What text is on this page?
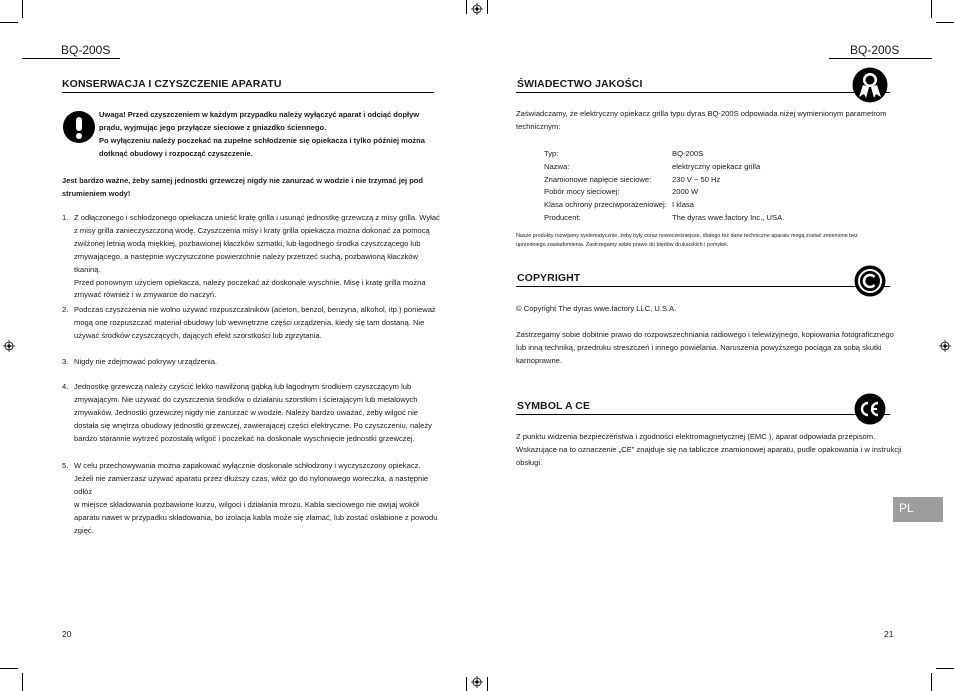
BQ-200S
KONSERWACJA I CZYSZCZENIE APARATU
Uwaga! Przed czyszczeniem w każdym przypadku należy wyłączyć aparat i odciąć dopływ
prądu, wyjmując jego przyłącze sieciowe z gniazdko ściennego.
Po wyłączeniu należy poczekać na zupełne schłodzenie się opiekacza i tylko później można
dotknąć obudowy i rozpocząć czyszczenie.
Jest bardzo ważne, żeby samej jednostki grzewczej nigdy nie zanurzać w wodzie i nie trzymać jej pod
strumieniem wody!
1. Z odłączonego i schłodzonego opiekacza unieść kratę grilla i usunąć jednostkę grzewczą z misy grilla. Wyłać
z misy grilla zanieczyszczoną wodę. Czyszczenia misy i kraty grilla opiekacza można dokonać za pomocą
zwilżonej letnią wodą miękkiej, pozbawionej kłaczków szmatki, lub łagodnego środka czyszczącego lub
zmywającego, a następnie wyczyszczone powierzchnie należy przetrzeć suchą, pozbawioną kłaczków tkaniną.
Przed ponownym użyciem opiekacza, należy poczekać aż doskonale wyschnie. Misę i kratę grilla można
zmywać również i w zmywarce do naczyń.
2. Podczas czyszczenia nie wolno używać rozpuszczalników (aceton, benzol, benzyna, alkohol, itp.) ponieważ
mogą one rozpuszczać materiał obudowy lub wewnętrzne części urządzenia, kiedy się tam dostaną. Nie
używać środków czyszczących, dających efekt szorstkości lub zgrzytania.
3. Nigdy nie zdejmować pokrywy urządzenia.
4. Jednostkę grzewczą należy czyścić lekko nawilżoną gąbką lub łagodnym środkiem czyszczącym lub
zmywającym. Nie używać do czyszczenia środków o działaniu szorstkim i ścierającym lub metalowych
zmywaków. Jednostki grzewczej nigdy nie zanurzać w wodzie. Należy bardzo uważać, żeby wilgoć nie
dostała się wnętrza obudowy jednostki grzewczej, zawierającej części elektryczne. Po czyszczeniu, należy
bardzo starannie wytrzeć pozostałą wilgoć i poczekać na doskonałe wyschnięcie jednostki grzewczej.
5. W celu przechowywania można zapakować wyłącznie doskonale schłodzony i wyczyszczony opiekacz.
Jeżeli nie zamierzasz używać aparatu przez dłuższy czas, włóż go do nylonowego woreczka, a następnie odłóż
w miejsce składowania pozbawione kurzu, wilgoci i działania mrozu. Kabla sieciowego nie owijaj wokół
aparatu nawet w przypadku składowania, bo izolacja kabla może się złamać, lub zostać osłabione z powodu
zgięć.
20
BQ-200S
ŚWIADECTWO JAKOŚCI
Zaświadczamy, że elektryczny opiekacz grilla typu dyras BQ-200S odpowiada niżej wymienionym parametrom
technicznym:
Typ:	BQ-200S
Nazwa:	elektryczny opiekacz grilla
Znamionowe napięcie sieciowe:	230 V ~ 50 Hz
Pobór mocy sieciowej:	2000 W
Klasa ochrony przeciwporażeniowej: I klasa
Producent:	The dyras wwe.factory Inc., USA.
Nasze produkty rozwijamy systematycznie, żeby były coraz nowocześniejsze, dlatego też dane techniczne aparatu mogą zostać zmienione bez
uprzedniego zawiadomienia. Zastrzegamy sobie prawo do błędów drukarskich i pomyłek.
COPYRIGHT
© Copyright The dyras wwe.factory LLC, U.S.A.
Zastrzegamy sobie dobitnie prawo do rozpowszechniania radiowego i telewizyjnego, kopiowania fotograficznego
lub inną techniką, przedruku streszczeń i innego powielania. Naruszenia powyższego pociąga za sobą skutki
karnoprawne.
SYMBOL A CE
Z punktu widzenia bezpieczeństwa i zgodności elektromagnetycznej (EMC ), aparat odpowiada przepisom.
Wskazujące na to oznaczenie „CE" znajduje się na tabliczce znamionowej aparatu, pudle opakowania i w instrukcji
obsługi.
PL
21
